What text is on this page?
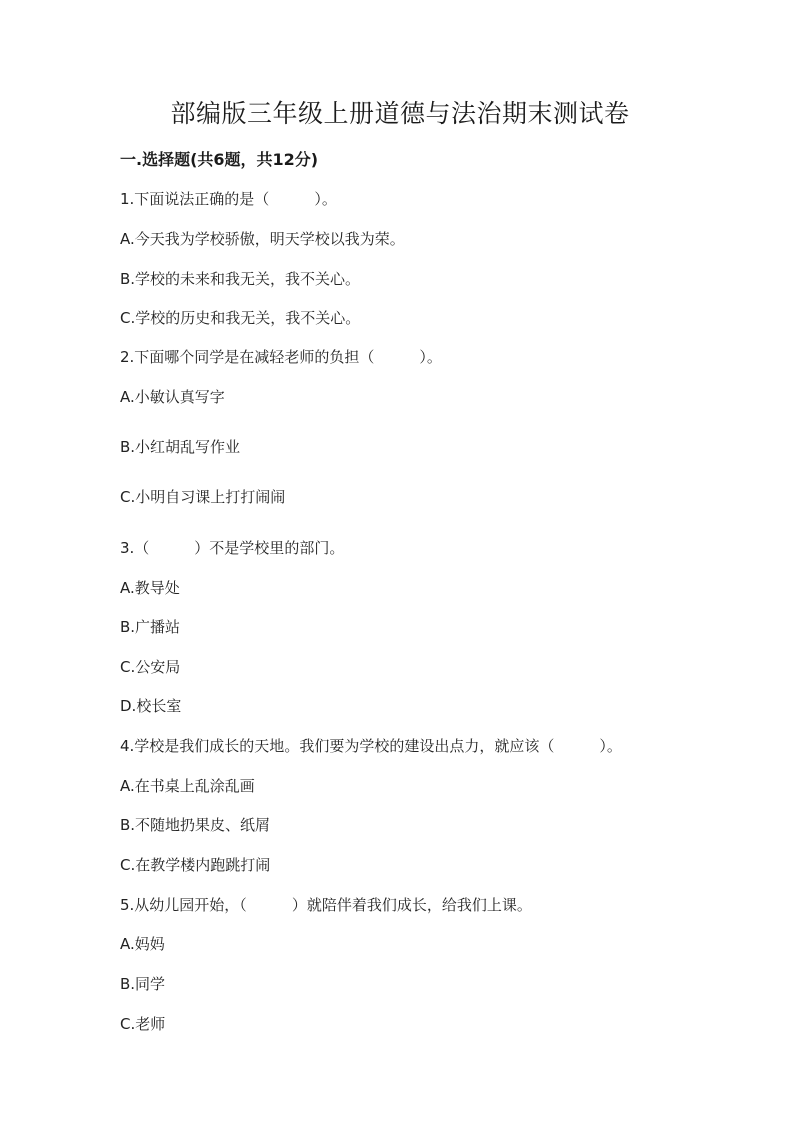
部编版三年级上册道德与法治期末测试卷
一.选择题(共6题，共12分)
1.下面说法正确的是（　　　）。
A.今天我为学校骄傲，明天学校以我为荣。
B.学校的未来和我无关，我不关心。
C.学校的历史和我无关，我不关心。
2.下面哪个同学是在减轻老师的负担（　　　）。
A.小敏认真写字
B.小红胡乱写作业
C.小明自习课上打打闹闹
3.（　　　）不是学校里的部门。
A.教导处
B.广播站
C.公安局
D.校长室
4.学校是我们成长的天地。我们要为学校的建设出点力，就应该（　　　）。
A.在书桌上乱涂乱画
B.不随地扔果皮、纸屑
C.在教学楼内跑跳打闹
5.从幼儿园开始，（　　　）就陪伴着我们成长，给我们上课。
A.妈妈
B.同学
C.老师
